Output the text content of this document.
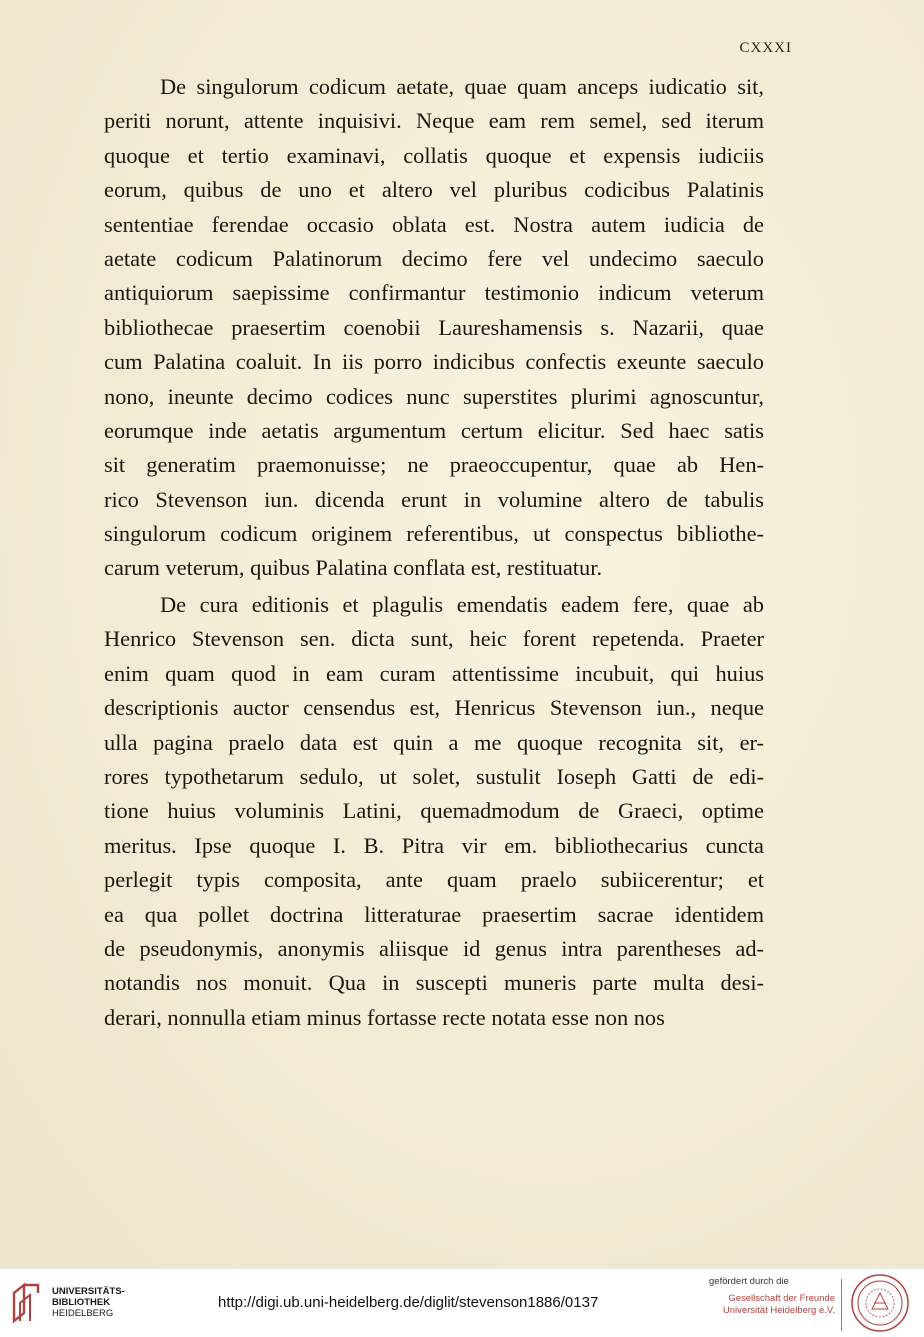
CXXXI
De singulorum codicum aetate, quae quam anceps iudicatio sit,
periti norunt, attente inquisivi. Neque eam rem semel, sed iterum
quoque et tertio examinavi, collatis quoque et expensis iudiciis
eorum, quibus de uno et altero vel pluribus codicibus Palatinis
sententiae ferendae occasio oblata est. Nostra autem iudicia de
aetate codicum Palatinorum decimo fere vel undecimo saeculo
antiquiorum saepissime confirmantur testimonio indicum veterum
bibliothecae praesertim coenobii Laureshamensis s. Nazarii, quae
cum Palatina coaluit. In iis porro indicibus confectis exeunte saeculo
nono, ineunte decimo codices nunc superstites plurimi agnoscuntur,
eorumque inde aetatis argumentum certum elicitur. Sed haec satis
sit generatim praemonuisse; ne praeoccupentur, quae ab Hen-
rico Stevenson iun. dicenda erunt in volumine altero de tabulis
singulorum codicum originem referentibus, ut conspectus bibliothe-
carum veterum, quibus Palatina conflata est, restituatur.
De cura editionis et plagulis emendatis eadem fere, quae ab
Henrico Stevenson sen. dicta sunt, heic forent repetenda. Praeter
enim quam quod in eam curam attentissime incubuit, qui huius
descriptionis auctor censendus est, Henricus Stevenson iun., neque
ulla pagina praelo data est quin a me quoque recognita sit, er-
rores typothetarum sedulo, ut solet, sustulit Ioseph Gatti de edi-
tione huius voluminis Latini, quemadmodum de Graeci, optime
meritus. Ipse quoque I. B. Pitra vir em. bibliothecarius cuncta
perlegit typis composita, ante quam praelo subiicerentur; et
ea qua pollet doctrina litteraturae praesertim sacrae identidem
de pseudonymis, anonymis aliisque id genus intra parentheses ad-
notandis nos monuit. Qua in suscepti muneris parte multa desi-
derari, nonnulla etiam minus fortasse recte notata esse non nos
UNIVERSITÄTS-
BIBLIOTHEK
HEIDELBERG
http://digi.ub.uni-heidelberg.de/diglit/stevenson1886/0137
gefördert durch die
Gesellschaft der Freunde
Universität Heidelberg e.V.
